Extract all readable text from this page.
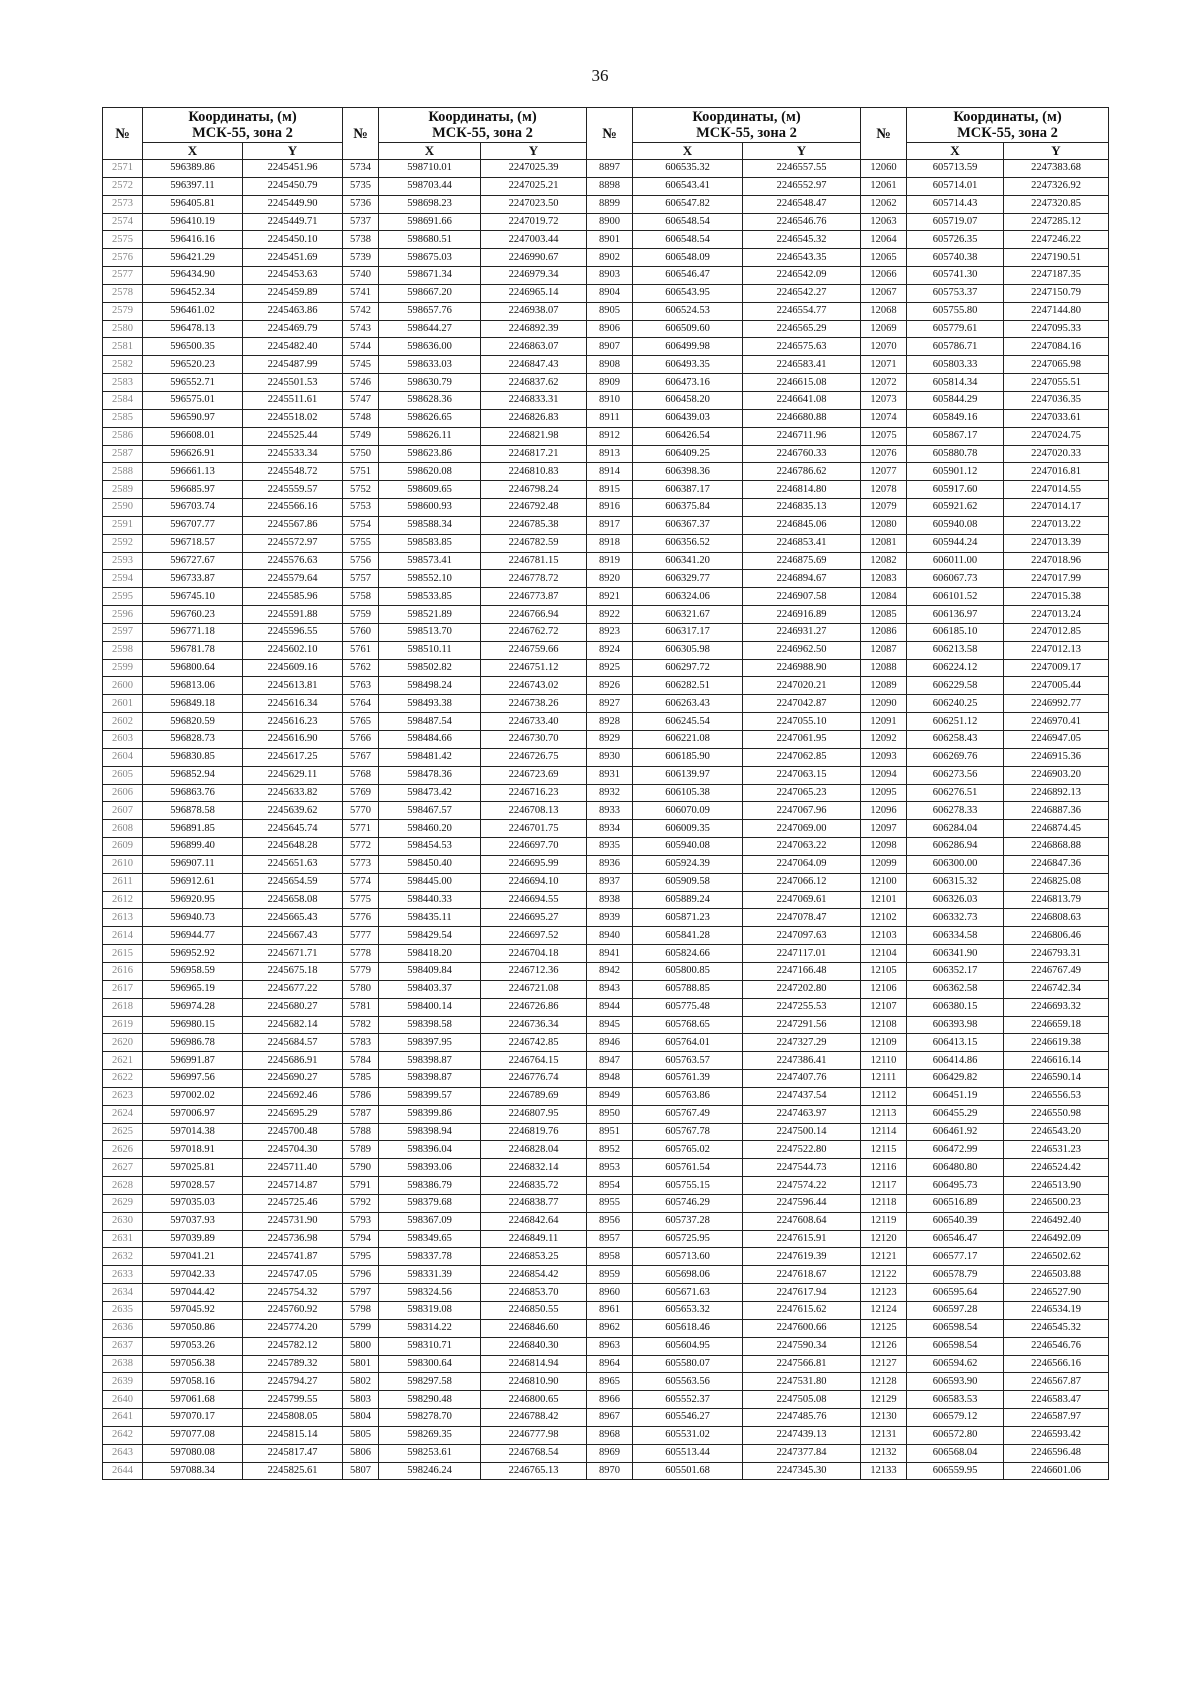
36
№	Координаты, (м)
МСК-55, зона 2		№	Координаты, (м)
МСК-55, зона 2		№	Координаты, (м)
МСК-55, зона 2		№	Координаты, (м)
МСК-55, зона 2	
	X	Y		X	Y		X	Y		X	Y
2571	596389.86	2245451.96	5734	598710.01	2247025.39	8897	606535.32	2246557.55	12060	605713.59	2247383.68
2572	596397.11	2245450.79	5735	598703.44	2247025.21	8898	606543.41	2246552.97	12061	605714.01	2247326.92
2573	596405.81	2245449.90	5736	598698.23	2247023.50	8899	606547.82	2246548.47	12062	605714.43	2247320.85
2574	596410.19	2245449.71	5737	598691.66	2247019.72	8900	606548.54	2246546.76	12063	605719.07	2247285.12
2575	596416.16	2245450.10	5738	598680.51	2247003.44	8901	606548.54	2246545.32	12064	605726.35	2247246.22
2576	596421.29	2245451.69	5739	598675.03	2246990.67	8902	606548.09	2246543.35	12065	605740.38	2247190.51
2577	596434.90	2245453.63	5740	598671.34	2246979.34	8903	606546.47	2246542.09	12066	605741.30	2247187.35
2578	596452.34	2245459.89	5741	598667.20	2246965.14	8904	606543.95	2246542.27	12067	605753.37	2247150.79
2579	596461.02	2245463.86	5742	598657.76	2246938.07	8905	606524.53	2246554.77	12068	605755.80	2247144.80
2580	596478.13	2245469.79	5743	598644.27	2246892.39	8906	606509.60	2246565.29	12069	605779.61	2247095.33
2581	596500.35	2245482.40	5744	598636.00	2246863.07	8907	606499.98	2246575.63	12070	605786.71	2247084.16
2582	596520.23	2245487.99	5745	598633.03	2246847.43	8908	606493.35	2246583.41	12071	605803.33	2247065.98
2583	596552.71	2245501.53	5746	598630.79	2246837.62	8909	606473.16	2246615.08	12072	605814.34	2247055.51
2584	596575.01	2245511.61	5747	598628.36	2246833.31	8910	606458.20	2246641.08	12073	605844.29	2247036.35
2585	596590.97	2245518.02	5748	598626.65	2246826.83	8911	606439.03	2246680.88	12074	605849.16	2247033.61
2586	596608.01	2245525.44	5749	598626.11	2246821.98	8912	606426.54	2246711.96	12075	605867.17	2247024.75
2587	596626.91	2245533.34	5750	598623.86	2246817.21	8913	606409.25	2246760.33	12076	605880.78	2247020.33
2588	596661.13	2245548.72	5751	598620.08	2246810.83	8914	606398.36	2246786.62	12077	605901.12	2247016.81
2589	596685.97	2245559.57	5752	598609.65	2246798.24	8915	606387.17	2246814.80	12078	605917.60	2247014.55
2590	596703.74	2245566.16	5753	598600.93	2246792.48	8916	606375.84	2246835.13	12079	605921.62	2247014.17
2591	596707.77	2245567.86	5754	598588.34	2246785.38	8917	606367.37	2246845.06	12080	605940.08	2247013.22
2592	596718.57	2245572.97	5755	598583.85	2246782.59	8918	606356.52	2246853.41	12081	605944.24	2247013.39
2593	596727.67	2245576.63	5756	598573.41	2246781.15	8919	606341.20	2246875.69	12082	606011.00	2247018.96
2594	596733.87	2245579.64	5757	598552.10	2246778.72	8920	606329.77	2246894.67	12083	606067.73	2247017.99
2595	596745.10	2245585.96	5758	598533.85	2246773.87	8921	606324.06	2246907.58	12084	606101.52	2247015.38
2596	596760.23	2245591.88	5759	598521.89	2246766.94	8922	606321.67	2246916.89	12085	606136.97	2247013.24
2597	596771.18	2245596.55	5760	598513.70	2246762.72	8923	606317.17	2246931.27	12086	606185.10	2247012.85
2598	596781.78	2245602.10	5761	598510.11	2246759.66	8924	606305.98	2246962.50	12087	606213.58	2247012.13
2599	596800.64	2245609.16	5762	598502.82	2246751.12	8925	606297.72	2246988.90	12088	606224.12	2247009.17
2600	596813.06	2245613.81	5763	598498.24	2246743.02	8926	606282.51	2247020.21	12089	606229.58	2247005.44
2601	596849.18	2245616.34	5764	598493.38	2246738.26	8927	606263.43	2247042.87	12090	606240.25	2246992.77
2602	596820.59	2245616.23	5765	598487.54	2246733.40	8928	606245.54	2247055.10	12091	606251.12	2246970.41
2603	596828.73	2245616.90	5766	598484.66	2246730.70	8929	606221.08	2247061.95	12092	606258.43	2246947.05
2604	596830.85	2245617.25	5767	598481.42	2246726.75	8930	606185.90	2247062.85	12093	606269.76	2246915.36
2605	596852.94	2245629.11	5768	598478.36	2246723.69	8931	606139.97	2247063.15	12094	606273.56	2246903.20
2606	596863.76	2245633.82	5769	598473.42	2246716.23	8932	606105.38	2247065.23	12095	606276.51	2246892.13
2607	596878.58	2245639.62	5770	598467.57	2246708.13	8933	606070.09	2247067.96	12096	606278.33	2246887.36
2608	596891.85	2245645.74	5771	598460.20	2246701.75	8934	606009.35	2247069.00	12097	606284.04	2246874.45
2609	596899.40	2245648.28	5772	598454.53	2246697.70	8935	605940.08	2247063.22	12098	606286.94	2246868.88
2610	596907.11	2245651.63	5773	598450.40	2246695.99	8936	605924.39	2247064.09	12099	606300.00	2246847.36
2611	596912.61	2245654.59	5774	598445.00	2246694.10	8937	605909.58	2247066.12	12100	606315.32	2246825.08
2612	596920.95	2245658.08	5775	598440.33	2246694.55	8938	605889.24	2247069.61	12101	606326.03	2246813.79
2613	596940.73	2245665.43	5776	598435.11	2246695.27	8939	605871.23	2247078.47	12102	606332.73	2246808.63
2614	596944.77	2245667.43	5777	598429.54	2246697.52	8940	605841.28	2247097.63	12103	606334.58	2246806.46
2615	596952.92	2245671.71	5778	598418.20	2246704.18	8941	605824.66	2247117.01	12104	606341.90	2246793.31
2616	596958.59	2245675.18	5779	598409.84	2246712.36	8942	605800.85	2247166.48	12105	606352.17	2246767.49
2617	596965.19	2245677.22	5780	598403.37	2246721.08	8943	605788.85	2247202.80	12106	606362.58	2246742.34
2618	596974.28	2245680.27	5781	598400.14	2246726.86	8944	605775.48	2247255.53	12107	606380.15	2246693.32
2619	596980.15	2245682.14	5782	598398.58	2246736.34	8945	605768.65	2247291.56	12108	606393.98	2246659.18
2620	596986.78	2245684.57	5783	598397.95	2246742.85	8946	605764.01	2247327.29	12109	606413.15	2246619.38
2621	596991.87	2245686.91	5784	598398.87	2246764.15	8947	605763.57	2247386.41	12110	606414.86	2246616.14
2622	596997.56	2245690.27	5785	598398.87	2246776.74	8948	605761.39	2247407.76	12111	606429.82	2246590.14
2623	597002.02	2245692.46	5786	598399.57	2246789.69	8949	605763.86	2247437.54	12112	606451.19	2246556.53
2624	597006.97	2245695.29	5787	598399.86	2246807.95	8950	605767.49	2247463.97	12113	606455.29	2246550.98
2625	597014.38	2245700.48	5788	598398.94	2246819.76	8951	605767.78	2247500.14	12114	606461.92	2246543.20
2626	597018.91	2245704.30	5789	598396.04	2246828.04	8952	605765.02	2247522.80	12115	606472.99	2246531.23
2627	597025.81	2245711.40	5790	598393.06	2246832.14	8953	605761.54	2247544.73	12116	606480.80	2246524.42
2628	597028.57	2245714.87	5791	598386.79	2246835.72	8954	605755.15	2247574.22	12117	606495.73	2246513.90
2629	597035.03	2245725.46	5792	598379.68	2246838.77	8955	605746.29	2247596.44	12118	606516.89	2246500.23
2630	597037.93	2245731.90	5793	598367.09	2246842.64	8956	605737.28	2247608.64	12119	606540.39	2246492.40
2631	597039.89	2245736.98	5794	598349.65	2246849.11	8957	605725.95	2247615.91	12120	606546.47	2246492.09
2632	597041.21	2245741.87	5795	598337.78	2246853.25	8958	605713.60	2247619.39	12121	606577.17	2246502.62
2633	597042.33	2245747.05	5796	598331.39	2246854.42	8959	605698.06	2247618.67	12122	606578.79	2246503.88
2634	597044.42	2245754.32	5797	598324.56	2246853.70	8960	605671.63	2247617.94	12123	606595.64	2246527.90
2635	597045.92	2245760.92	5798	598319.08	2246850.55	8961	605653.32	2247615.62	12124	606597.28	2246534.19
2636	597050.86	2245774.20	5799	598314.22	2246846.60	8962	605618.46	2247600.66	12125	606598.54	2246545.32
2637	597053.26	2245782.12	5800	598310.71	2246840.30	8963	605604.95	2247590.34	12126	606598.54	2246546.76
2638	597056.38	2245789.32	5801	598300.64	2246814.94	8964	605580.07	2247566.81	12127	606594.62	2246566.16
2639	597058.16	2245794.27	5802	598297.58	2246810.90	8965	605563.56	2247531.80	12128	606593.90	2246567.87
2640	597061.68	2245799.55	5803	598290.48	2246800.65	8966	605552.37	2247505.08	12129	606583.53	2246583.47
2641	597070.17	2245808.05	5804	598278.70	2246788.42	8967	605546.27	2247485.76	12130	606579.12	2246587.97
2642	597077.08	2245815.14	5805	598269.35	2246777.98	8968	605531.02	2247439.13	12131	606572.80	2246593.42
2643	597080.08	2245817.47	5806	598253.61	2246768.54	8969	605513.44	2247377.84	12132	606568.04	2246596.48
2644	597088.34	2245825.61	5807	598246.24	2246765.13	8970	605501.68	2247345.30	12133	606559.95	2246601.06
